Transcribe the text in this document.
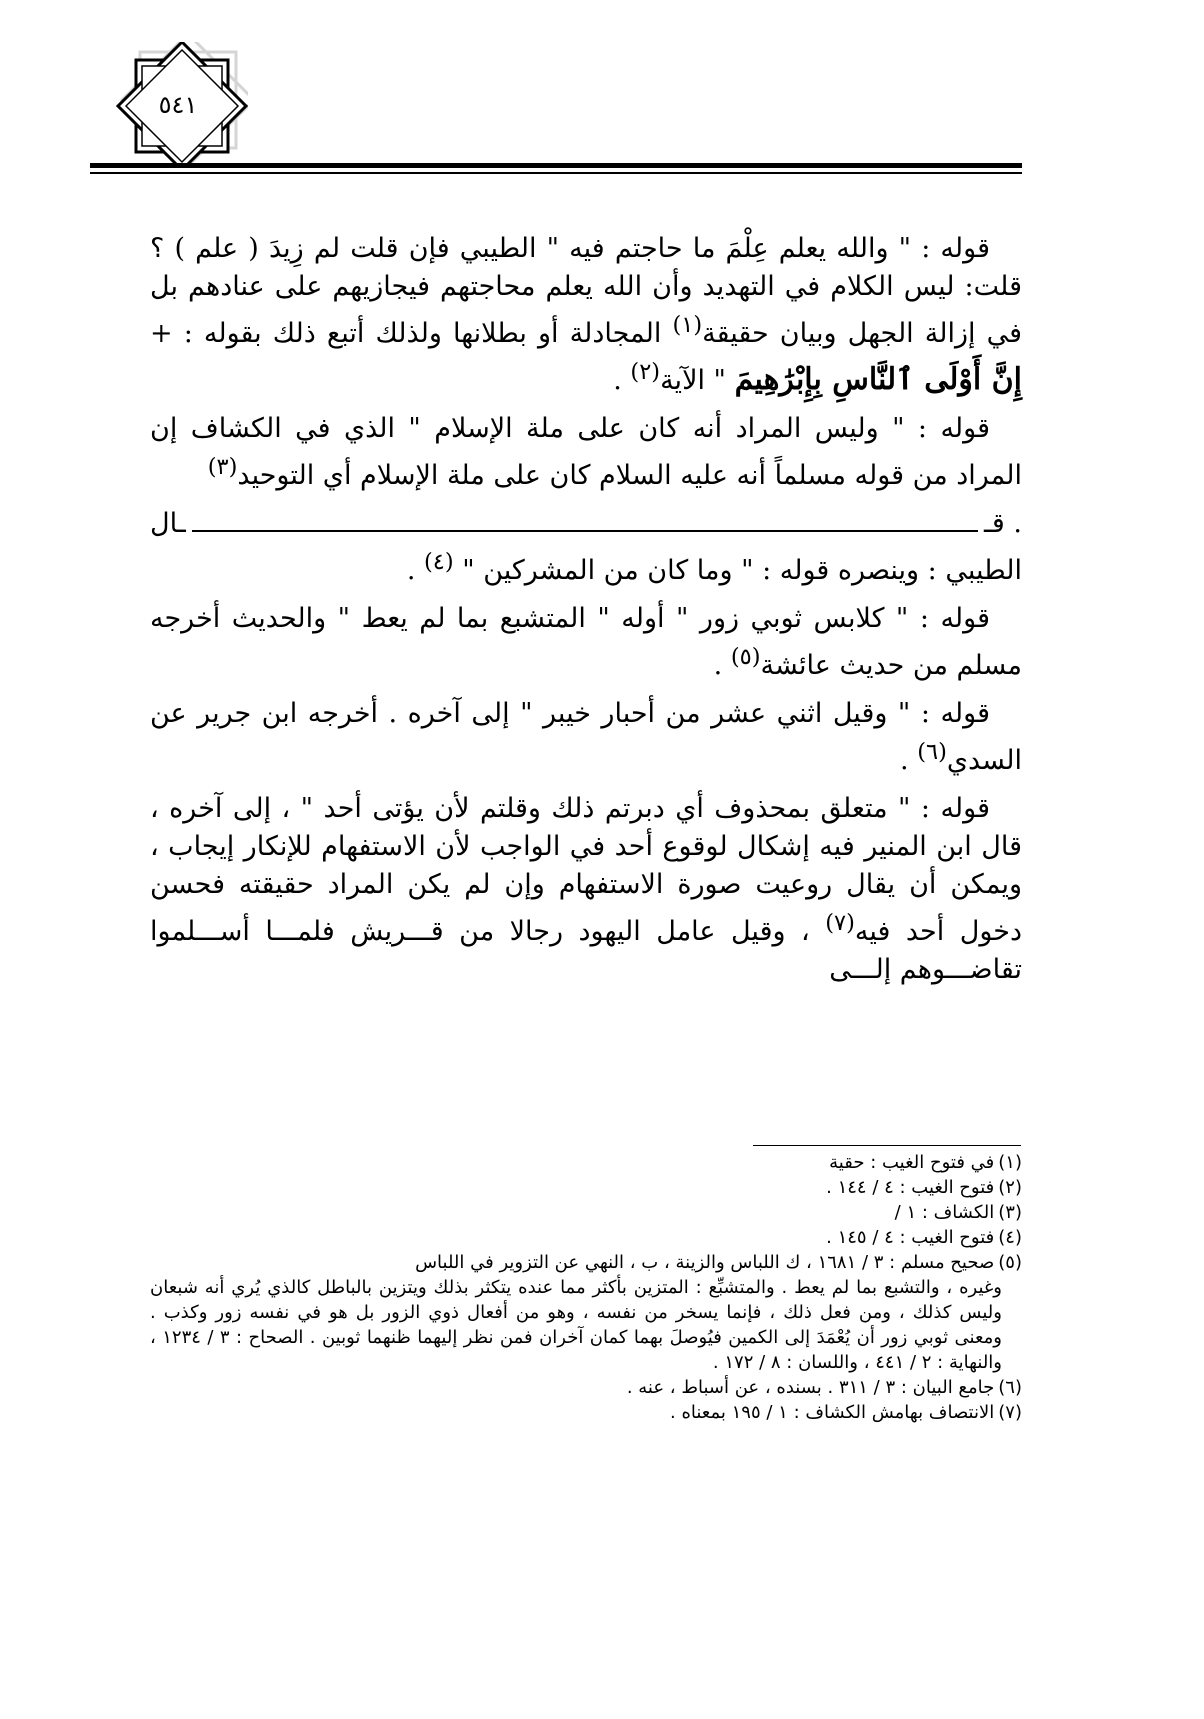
٥٤١

قوله : " والله يعلم عِلْمَ ما حاجتم فيه " الطيبي فإن قلت لم زِيدَ ( علم ) ؟ قلت: ليس الكلام في التهديد وأن الله يعلم محاجتهم فيجازيهم على عنادهم بل في إزالة الجهل وبيان حقيقة$^{(١)}$ المجادلة أو بطلانها ولذلك أتبع ذلك بقوله : + إِنَّ أَوْلَى ٱلنَّاسِ بِإِبْرَٰهِيمَ " الآية$^{(٢)}$ .

قوله : " وليس المراد أنه كان على ملة الإسلام " الذي في الكشاف إن المراد من قوله مسلماً أنه عليه السلام كان على ملة الإسلام أي التوحيد$^{(٣)}$

. قـ
ـال

الطيبي : وينصره قوله : " وما كان من المشركين " $^{(٤)}$ .

قوله : " كلابس ثوبي زور " أوله " المتشبع بما لم يعط " والحديث أخرجه مسلم من حديث عائشة$^{(٥)}$ .

قوله : " وقيل اثني عشر من أحبار خيبر " إلى آخره . أخرجه ابن جرير عن السدي$^{(٦)}$ .

قوله : " متعلق بمحذوف أي دبرتم ذلك وقلتم لأن يؤتى أحد " ، إلى آخره ، قال ابن المنير فيه إشكال لوقوع أحد في الواجب لأن الاستفهام للإنكار إيجاب ، ويمكن أن يقال روعيت صورة الاستفهام وإن لم يكن المراد حقيقته فحسن دخول أحد فيه$^{(٧)}$ ، وقيل عامل اليهود رجالا من قـــريش فلمـــا أســـلموا تقاضـــوهم إلـــى

(١)في فتوح الغيب : حقية

(٢)فتوح الغيب : ٤ / ١٤٤ .

(٣)الكشاف : ١ /

(٤)فتوح الغيب : ٤ / ١٤٥ .

(٥)صحيح مسلم : ٣ / ١٦٨١ ، ك اللباس والزينة ، ب ، النهي عن التزوير في اللباس

وغيره ، والتشبع بما لم يعط . والمتشبِّع : المتزين بأكثر مما عنده يتكثر بذلك ويتزين بالباطل كالذي يُري أنه شبعان وليس كذلك ، ومن فعل ذلك ، فإنما يسخر من نفسه ، وهو من أفعال ذوي الزور بل هو في نفسه زور وكذب . ومعنى ثوبي زور أن يُعْمَدَ إلى الكمين فيُوصلَ بهما كمان آخران فمن نظر إليهما ظنهما ثوبين . الصحاح : ٣ / ١٢٣٤ ، والنهاية : ٢ / ٤٤١ ، واللسان : ٨ / ١٧٢ .

(٦)جامع البيان : ٣ / ٣١١ . بسنده ، عن أسباط ، عنه .

(٧)الانتصاف بهامش الكشاف : ١ / ١٩٥ بمعناه .
